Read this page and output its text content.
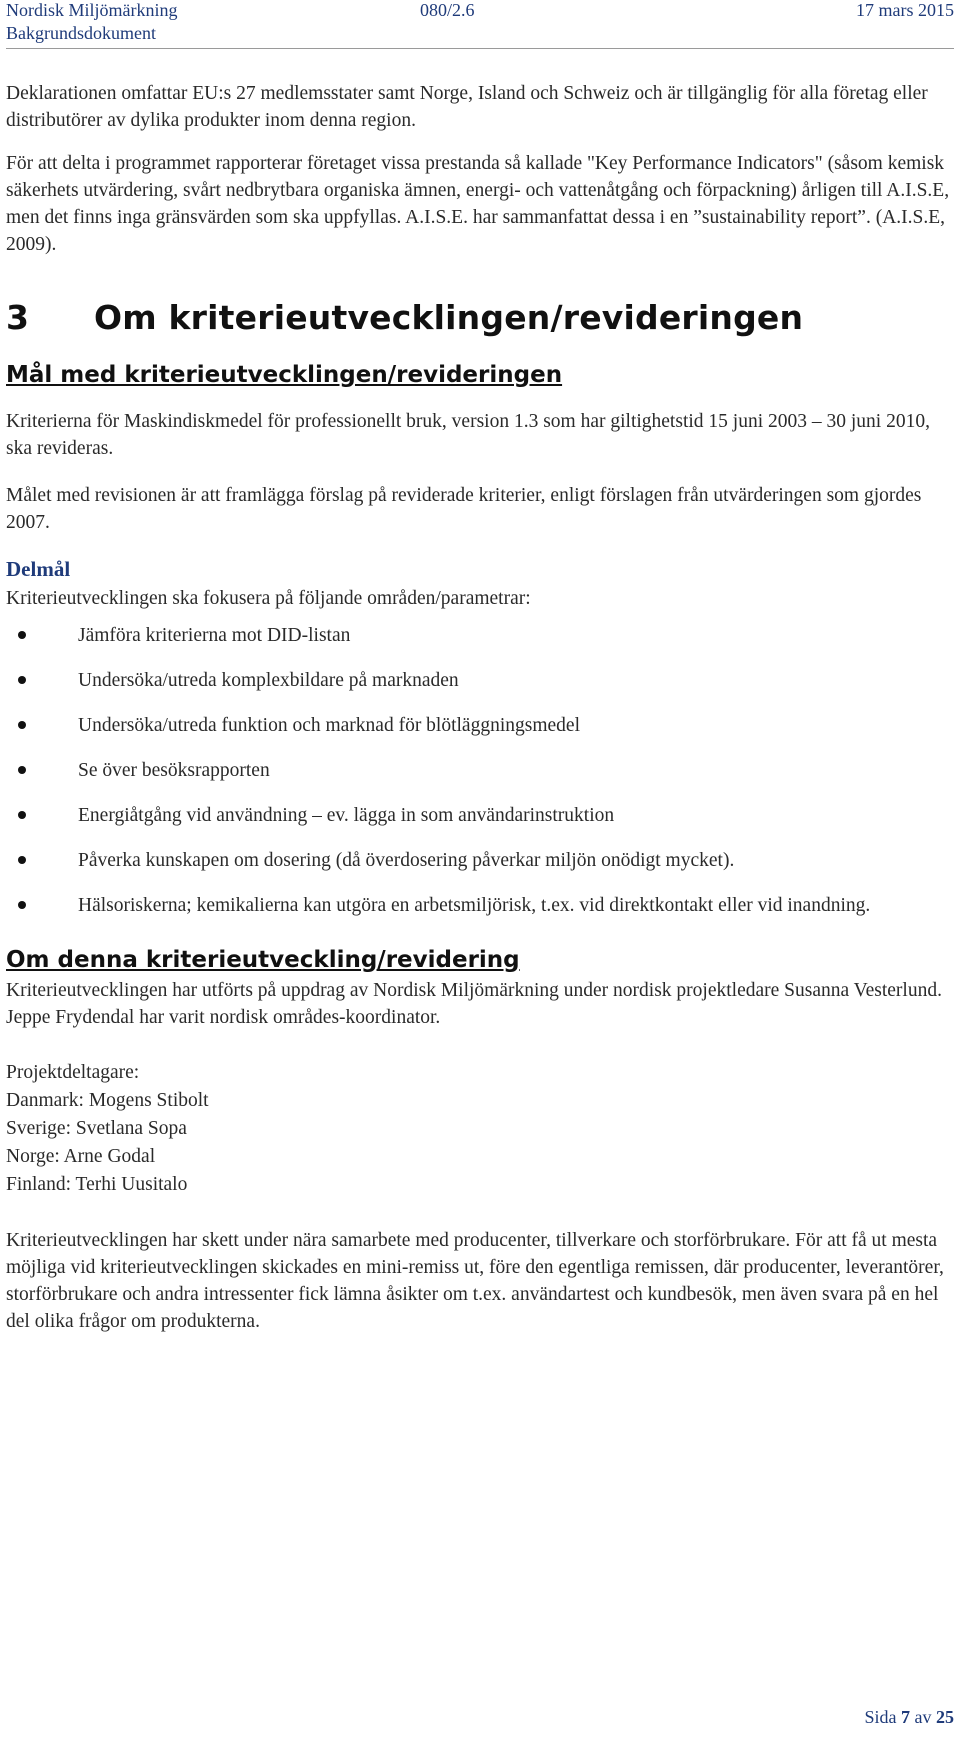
Nordisk Miljömärkning	080/2.6	17 mars 2015
Bakgrundsdokument

Deklarationen omfattar EU:s 27 medlemsstater samt Norge, Island och Schweiz och är tillgänglig för alla företag eller distributörer av dylika produkter inom denna region.

För att delta i programmet rapporterar företaget vissa prestanda så kallade "Key Performance Indicators" (såsom kemisk säkerhets utvärdering, svårt nedbrytbara organiska ämnen, energi- och vattenåtgång och förpackning) årligen till A.I.S.E, men det finns inga gränsvärden som ska uppfyllas. A.I.S.E. har sammanfattat dessa i en ”sustainability report”. (A.I.S.E, 2009).

3 Om kriterieutvecklingen/revideringen
Mål med kriterieutvecklingen/revideringen

Kriterierna för Maskindiskmedel för professionellt bruk, version 1.3 som har giltighetstid 15 juni 2003 – 30 juni 2010, ska revideras.

Målet med revisionen är att framlägga förslag på reviderade kriterier, enligt förslagen från utvärderingen som gjordes 2007.

Delmål

Kriterieutvecklingen ska fokusera på följande områden/parametrar:

Jämföra kriterierna mot DID-listan
Undersöka/utreda komplexbildare på marknaden
Undersöka/utreda funktion och marknad för blötläggningsmedel
Se över besöksrapporten
Energiåtgång vid användning – ev. lägga in som användarinstruktion
Påverka kunskapen om dosering (då överdosering påverkar miljön onödigt mycket).
Hälsoriskerna; kemikalierna kan utgöra en arbetsmiljörisk, t.ex. vid direktkontakt eller vid inandning.
Om denna kriterieutveckling/revidering

Kriterieutvecklingen har utförts på uppdrag av Nordisk Miljömärkning under nordisk projektledare Susanna Vesterlund. Jeppe Frydendal har varit nordisk områdes-koordinator.

Projektdeltagare:

Danmark: Mogens Stibolt

Sverige: Svetlana Sopa

Norge: Arne Godal

Finland: Terhi Uusitalo

Kriterieutvecklingen har skett under nära samarbete med producenter, tillverkare och storförbrukare. För att få ut mesta möjliga vid kriterieutvecklingen skickades en mini-remiss ut, före den egentliga remissen, där producenter, leverantörer, storförbrukare och andra intressenter fick lämna åsikter om t.ex. användartest och kundbesök, men även svara på en hel del olika frågor om produkterna.

Sida 7 av 25
